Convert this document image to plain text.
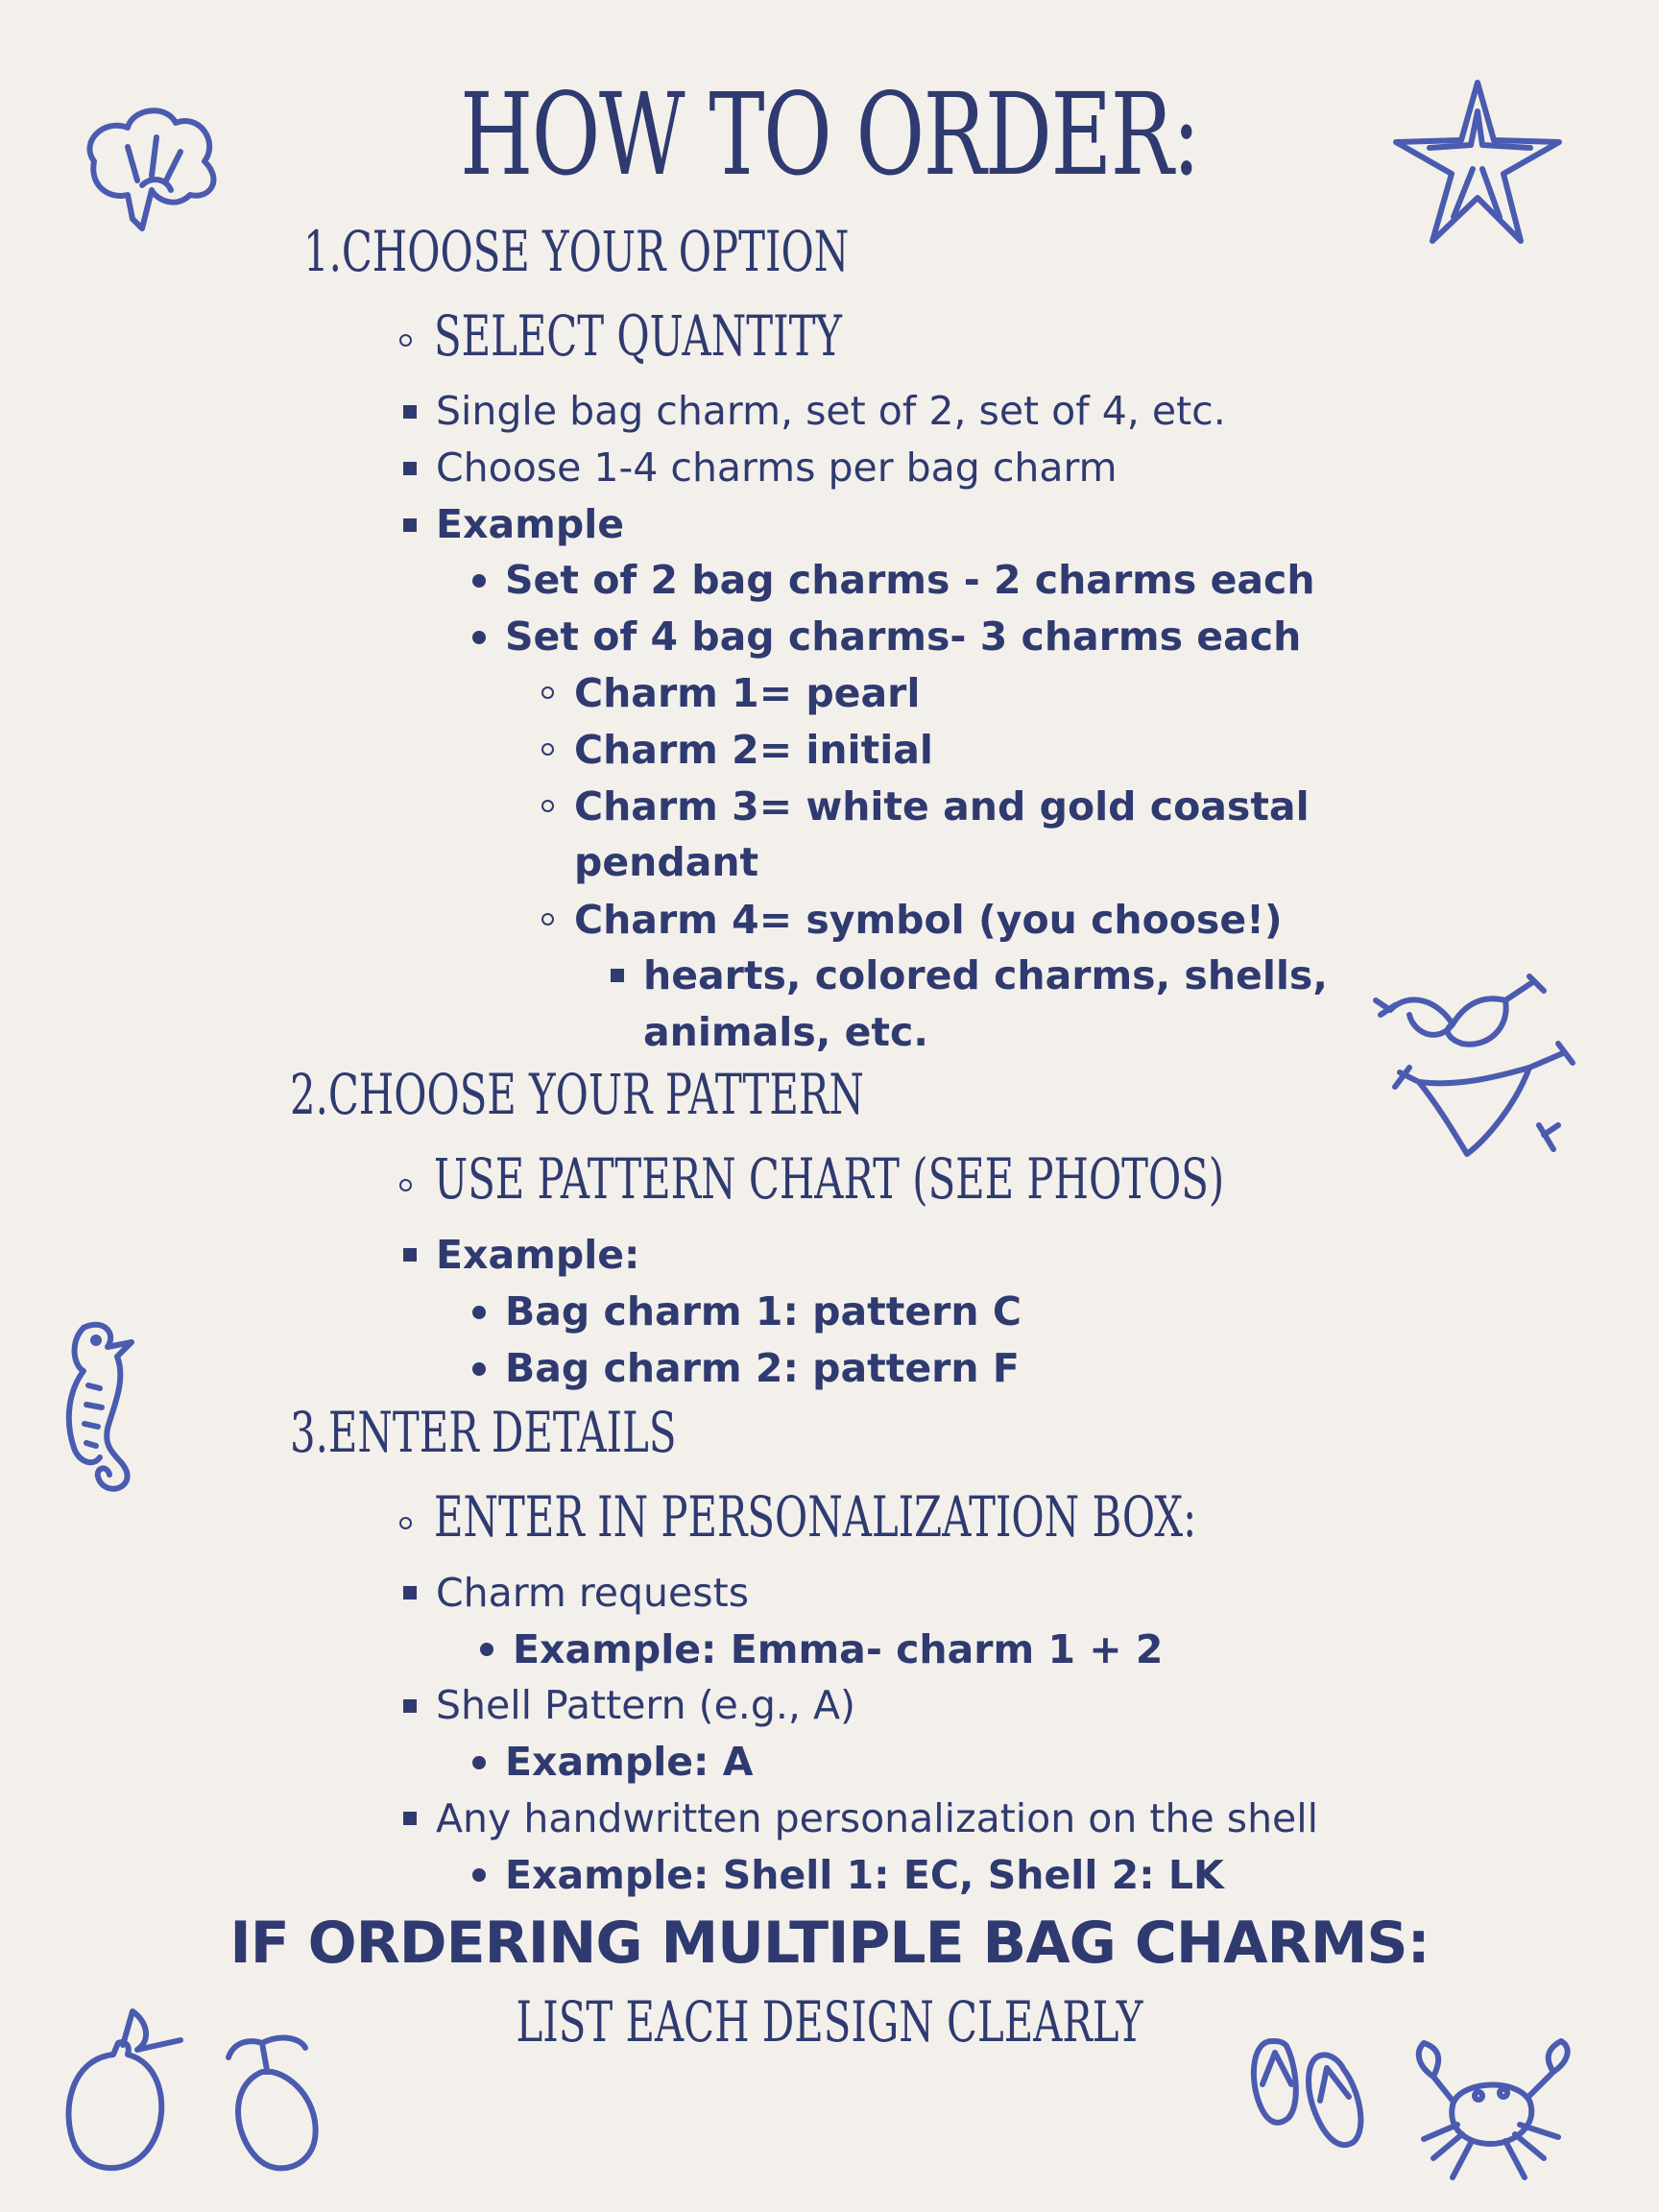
HOW TO ORDER:
1.CHOOSE YOUR OPTION
SELECT QUANTITY
Single bag charm, set of 2, set of 4, etc.
Choose 1-4 charms per bag charm
Example
Set of 2 bag charms - 2 charms each
Set of 4 bag charms- 3 charms each
Charm 1= pearl
Charm 2= initial
Charm 3= white and gold coastal
pendant
Charm 4= symbol (you choose!)
hearts, colored charms, shells,
animals, etc.
2.CHOOSE YOUR PATTERN
USE PATTERN CHART (SEE PHOTOS)
Example:
Bag charm 1: pattern C
Bag charm 2: pattern F
3.ENTER DETAILS
ENTER IN PERSONALIZATION BOX:
Charm requests
Example: Emma- charm 1 + 2
Shell Pattern (e.g., A)
Example: A
Any handwritten personalization on the shell
Example: Shell 1: EC, Shell 2: LK
IF ORDERING MULTIPLE BAG CHARMS:
LIST EACH DESIGN CLEARLY
